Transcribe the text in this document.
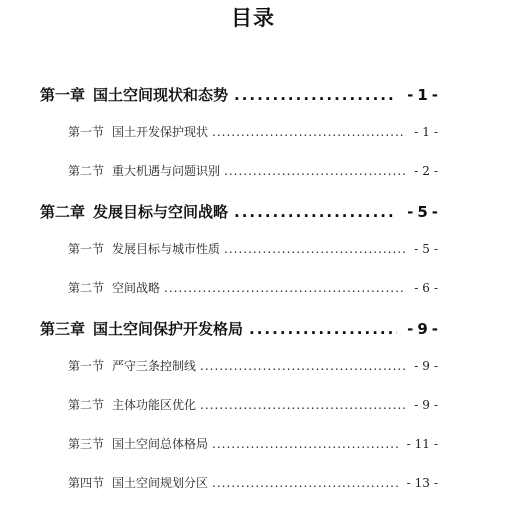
目录
第一章 国土空间现状和态势 .....	- 1 -
第一节 国土开发保护现状 .....	- 1 -
第二节 重大机遇与问题识别 .....	- 2 -
第二章 发展目标与空间战略 .....	- 5 -
第一节 发展目标与城市性质 .....	- 5 -
第二节 空间战略 .....	- 6 -
第三章 国土空间保护开发格局 .....	- 9 -
第一节 严守三条控制线 .....	- 9 -
第二节 主体功能区优化 .....	- 9 -
第三节 国土空间总体格局 .....	- 11 -
第四节 国土空间规划分区 .....	- 13 -
